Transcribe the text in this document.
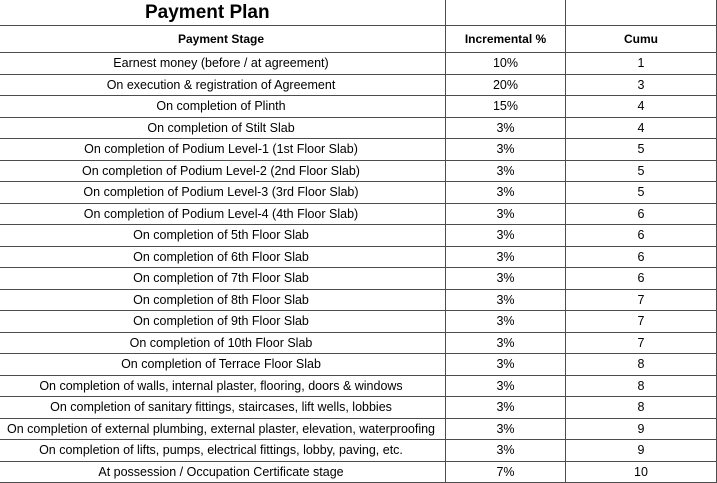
Payment Plan		
Payment Stage	Incremental %	Cumu
Earnest money (before / at agreement)	10%	1
On execution & registration of Agreement	20%	3
On completion of Plinth	15%	4
On completion of Stilt Slab	3%	4
On completion of Podium Level-1 (1st Floor Slab)	3%	5
On completion of Podium Level-2 (2nd Floor Slab)	3%	5
On completion of Podium Level-3 (3rd Floor Slab)	3%	5
On completion of Podium Level-4 (4th Floor Slab)	3%	6
On completion of 5th Floor Slab	3%	6
On completion of 6th Floor Slab	3%	6
On completion of 7th Floor Slab	3%	6
On completion of 8th Floor Slab	3%	7
On completion of 9th Floor Slab	3%	7
On completion of 10th Floor Slab	3%	7
On completion of Terrace Floor Slab	3%	8
On completion of walls, internal plaster, flooring, doors & windows	3%	8
On completion of sanitary fittings, staircases, lift wells, lobbies	3%	8
On completion of external plumbing, external plaster, elevation, waterproofing	3%	9
On completion of lifts, pumps, electrical fittings, lobby, paving, etc.	3%	9
At possession / Occupation Certificate stage	7%	10
